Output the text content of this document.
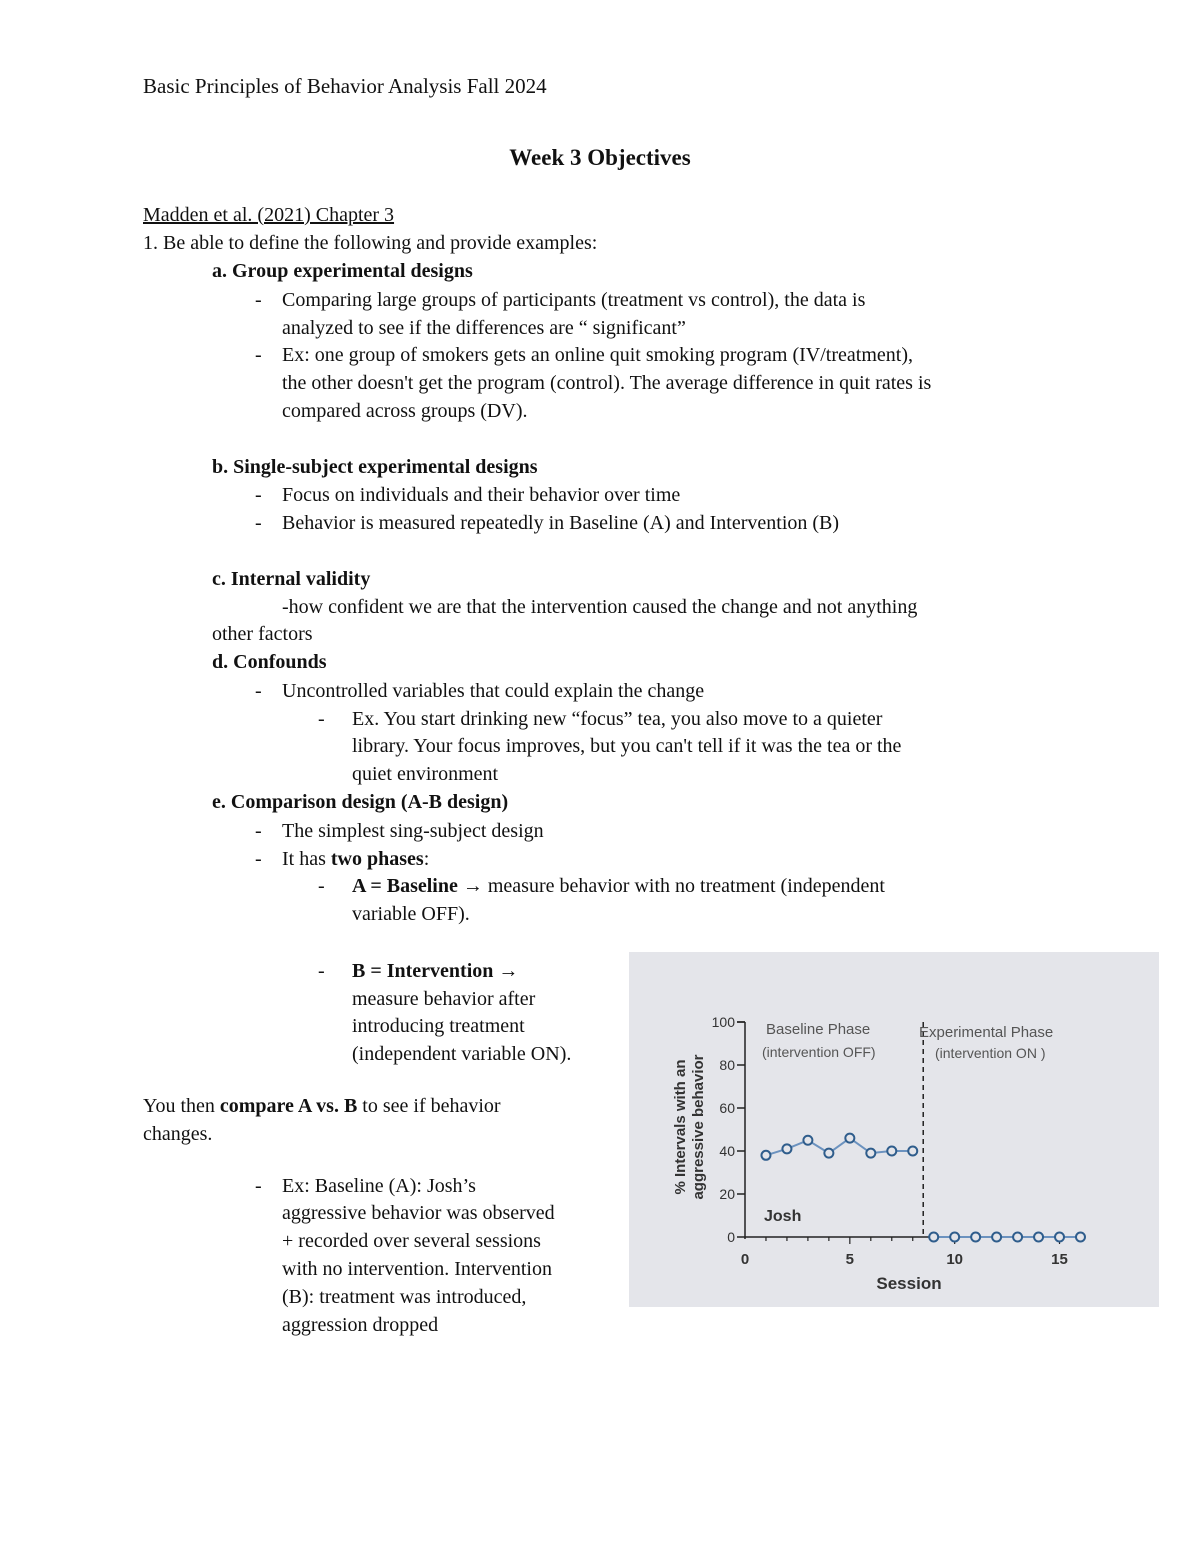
Basic Principles of Behavior Analysis Fall 2024
Week 3 Objectives
Madden et al. (2021) Chapter 3
1. Be able to define the following and provide examples:
a. Group experimental designs
- Comparing large groups of participants (treatment vs control), the data is
analyzed to see if the differences are “ significant”
- Ex: one group of smokers gets an online quit smoking program (IV/treatment),
the other doesn't get the program (control). The average difference in quit rates is
compared across groups (DV).
b. Single-subject experimental designs
- Focus on individuals and their behavior over time
- Behavior is measured repeatedly in Baseline (A) and Intervention (B)
c. Internal validity
-how confident we are that the intervention caused the change and not anything
other factors
d. Confounds
- Uncontrolled variables that could explain the change
- Ex. You start drinking new “focus” tea, you also move to a quieter
library. Your focus improves, but you can't tell if it was the tea or the
quiet environment
e. Comparison design (A-B design)
- The simplest sing-subject design
- It has two phases:
- A = Baseline → measure behavior with no treatment (independent
variable OFF).
- B = Intervention →
measure behavior after
introducing treatment
(independent variable ON).
You then compare A vs. B to see if behavior
changes.
- Ex: Baseline (A): Josh’s
aggressive behavior was observed
+ recorded over several sessions
with no intervention. Intervention
(B): treatment was introduced,
aggression dropped
0
20
40
60
80
100
0	5	10	15
% Intervals with an aggressive behavior
Session
Baseline Phase
(intervention OFF)
Experimental Phase
(intervention ON )
Josh
